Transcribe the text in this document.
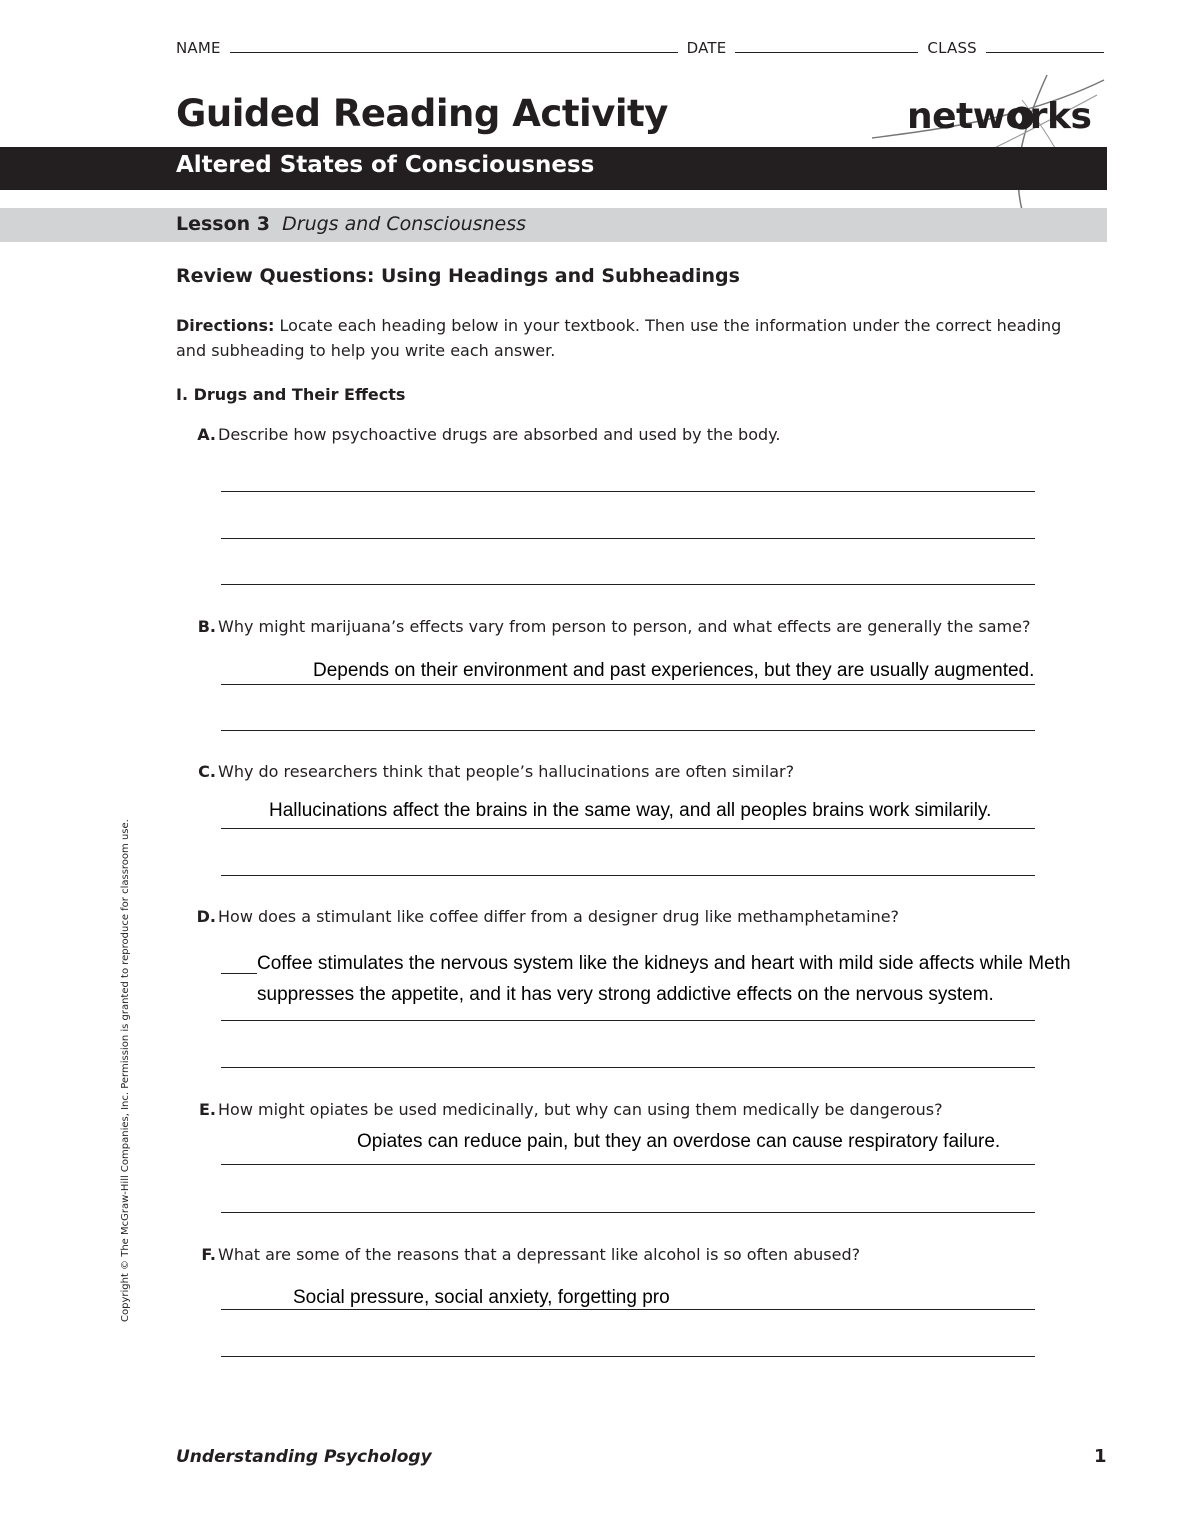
NAME	DATE	CLASS
Guided Reading Activity	networks
Altered States of Consciousness
Lesson 3 Drugs and Consciousness
Review Questions: Using Headings and Subheadings
Directions: Locate each heading below in your textbook. Then use the information under the correct heading and subheading to help you write each answer.
I. Drugs and Their Effects
A. Describe how psychoactive drugs are absorbed and used by the body.
B. Why might marijuana’s effects vary from person to person, and what effects are generally the same?
Depends on their environment and past experiences, but they are usually augmented.
C. Why do researchers think that people’s hallucinations are often similar?
Hallucinations affect the brains in the same way, and all peoples brains work similarily.
D. How does a stimulant like coffee differ from a designer drug like methamphetamine?
Coffee stimulates the nervous system like the kidneys and heart with mild side affects while Meth
suppresses the appetite, and it has very strong addictive effects on the nervous system.
E. How might opiates be used medicinally, but why can using them medically be dangerous?
Opiates can reduce pain, but they an overdose can cause respiratory failure.
F. What are some of the reasons that a depressant like alcohol is so often abused?
Social pressure, social anxiety, forgetting pro
Copyright © The McGraw-Hill Companies, Inc. Permission is granted to reproduce for classroom use.
Understanding Psychology	1
